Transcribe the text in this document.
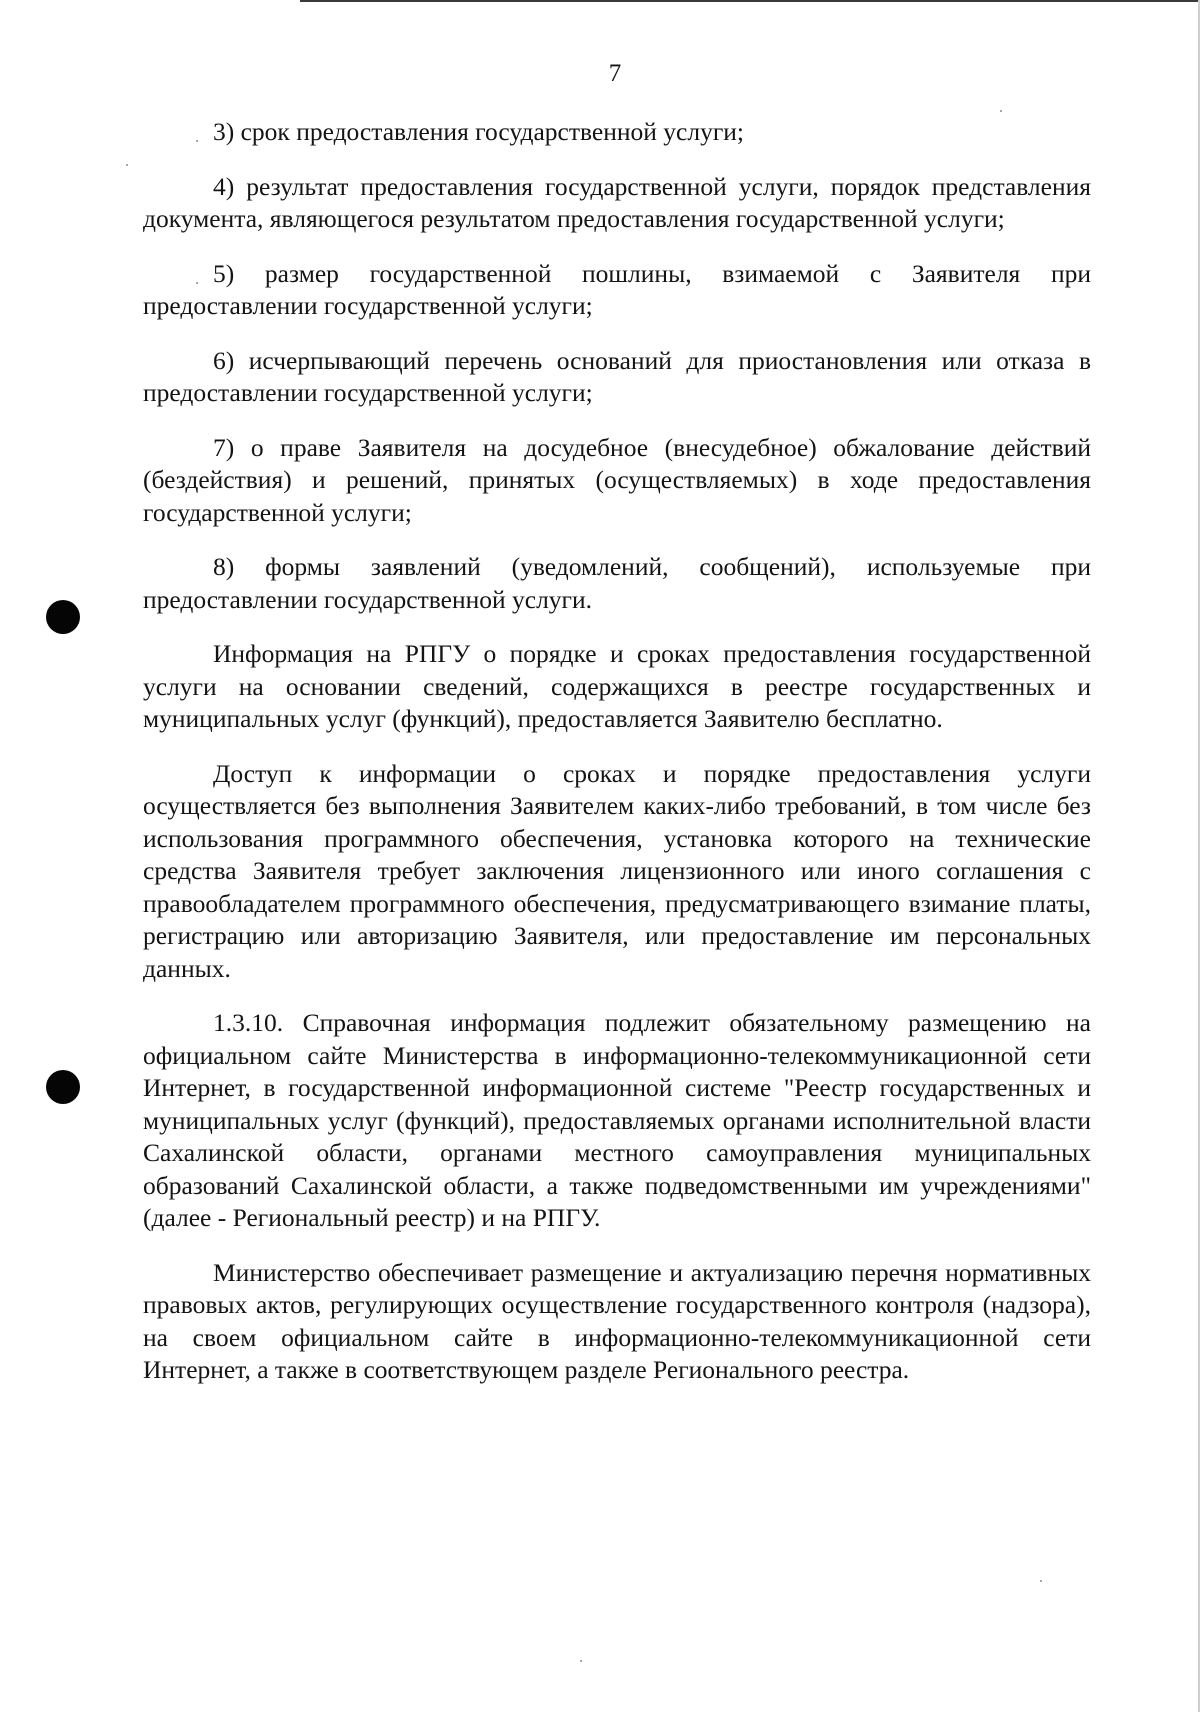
7

3) срок предоставления государственной услуги;

4) результат предоставления государственной услуги, порядок представления документа, являющегося результатом предоставления государственной услуги;

5) размер государственной пошлины, взимаемой с Заявителя при предоставлении государственной услуги;

6) исчерпывающий перечень оснований для приостановления или отказа в предоставлении государственной услуги;

7) о праве Заявителя на досудебное (внесудебное) обжалование действий (бездействия) и решений, принятых (осуществляемых) в ходе предоставления государственной услуги;

8) формы заявлений (уведомлений, сообщений), используемые при предоставлении государственной услуги.

Информация на РПГУ о порядке и сроках предоставления государственной услуги на основании сведений, содержащихся в реестре государственных и муниципальных услуг (функций), предоставляется Заявителю бесплатно.

Доступ к информации о сроках и порядке предоставления услуги осуществляется без выполнения Заявителем каких-либо требований, в том числе без использования программного обеспечения, установка которого на технические средства Заявителя требует заключения лицензионного или иного соглашения с правообладателем программного обеспечения, предусматривающего взимание платы, регистрацию или авторизацию Заявителя, или предоставление им персональных данных.

1.3.10. Справочная информация подлежит обязательному размещению на официальном сайте Министерства в информационно-телекоммуникационной сети Интернет, в государственной информационной системе "Реестр государственных и муниципальных услуг (функций), предоставляемых органами исполнительной власти Сахалинской области, органами местного самоуправления муниципальных образований Сахалинской области, а также подведомственными им учреждениями" (далее - Региональный реестр) и на РПГУ.

Министерство обеспечивает размещение и актуализацию перечня нормативных правовых актов, регулирующих осуществление государственного контроля (надзора), на своем официальном сайте в информационно-телекоммуникационной сети Интернет, а также в соответствующем разделе Регионального реестра.
